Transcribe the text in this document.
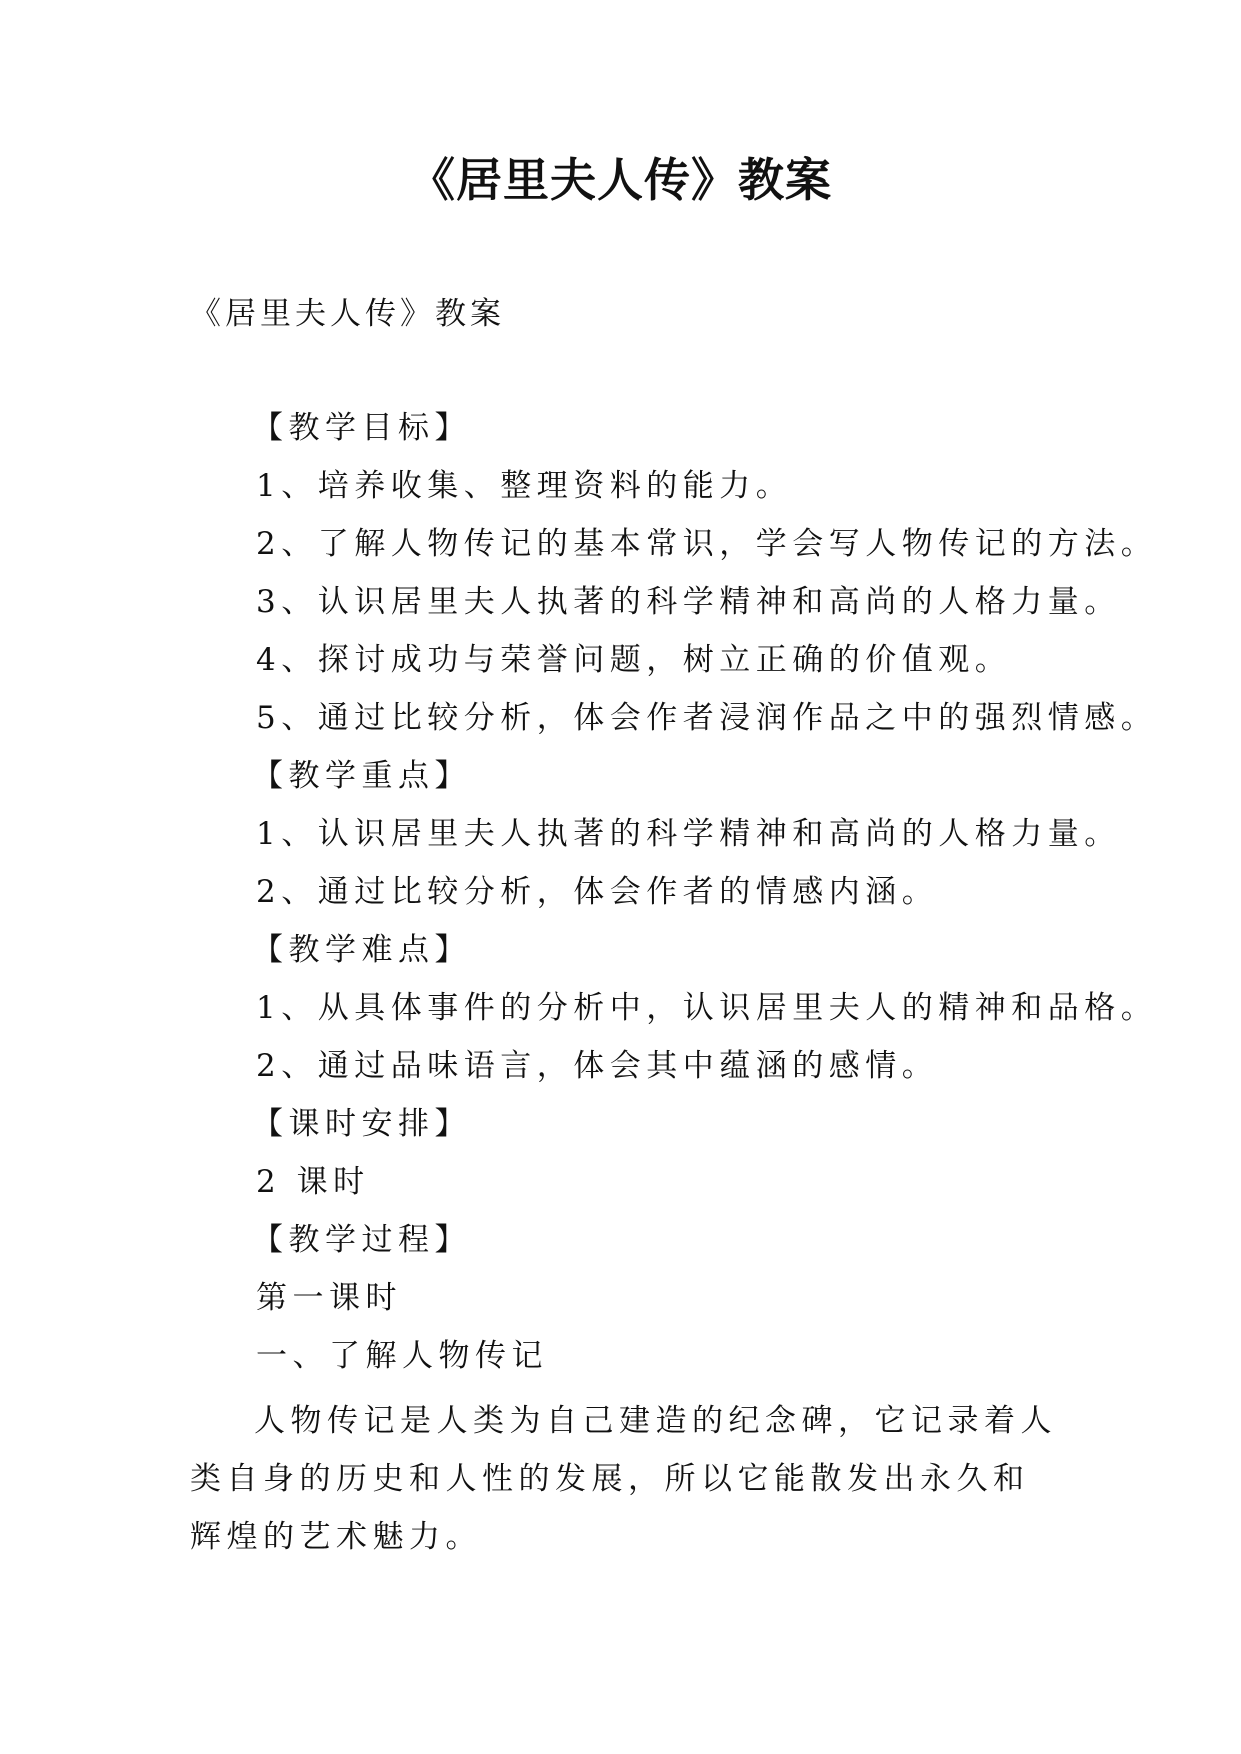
《居里夫人传》教案
《居里夫人传》教案
【教学目标】
1、培养收集、整理资料的能力。
2、了解人物传记的基本常识，学会写人物传记的方法。
3、认识居里夫人执著的科学精神和高尚的人格力量。
4、探讨成功与荣誉问题，树立正确的价值观。
5、通过比较分析，体会作者浸润作品之中的强烈情感。
【教学重点】
1、认识居里夫人执著的科学精神和高尚的人格力量。
2、通过比较分析，体会作者的情感内涵。
【教学难点】
1、从具体事件的分析中，认识居里夫人的精神和品格。
2、通过品味语言，体会其中蕴涵的感情。
【课时安排】
2 课时
【教学过程】
第一课时
一、了解人物传记
人物传记是人类为自己建造的纪念碑，它记录着人类自身的历史和人性的发展，所以它能散发出永久和辉煌的艺术魅力。
